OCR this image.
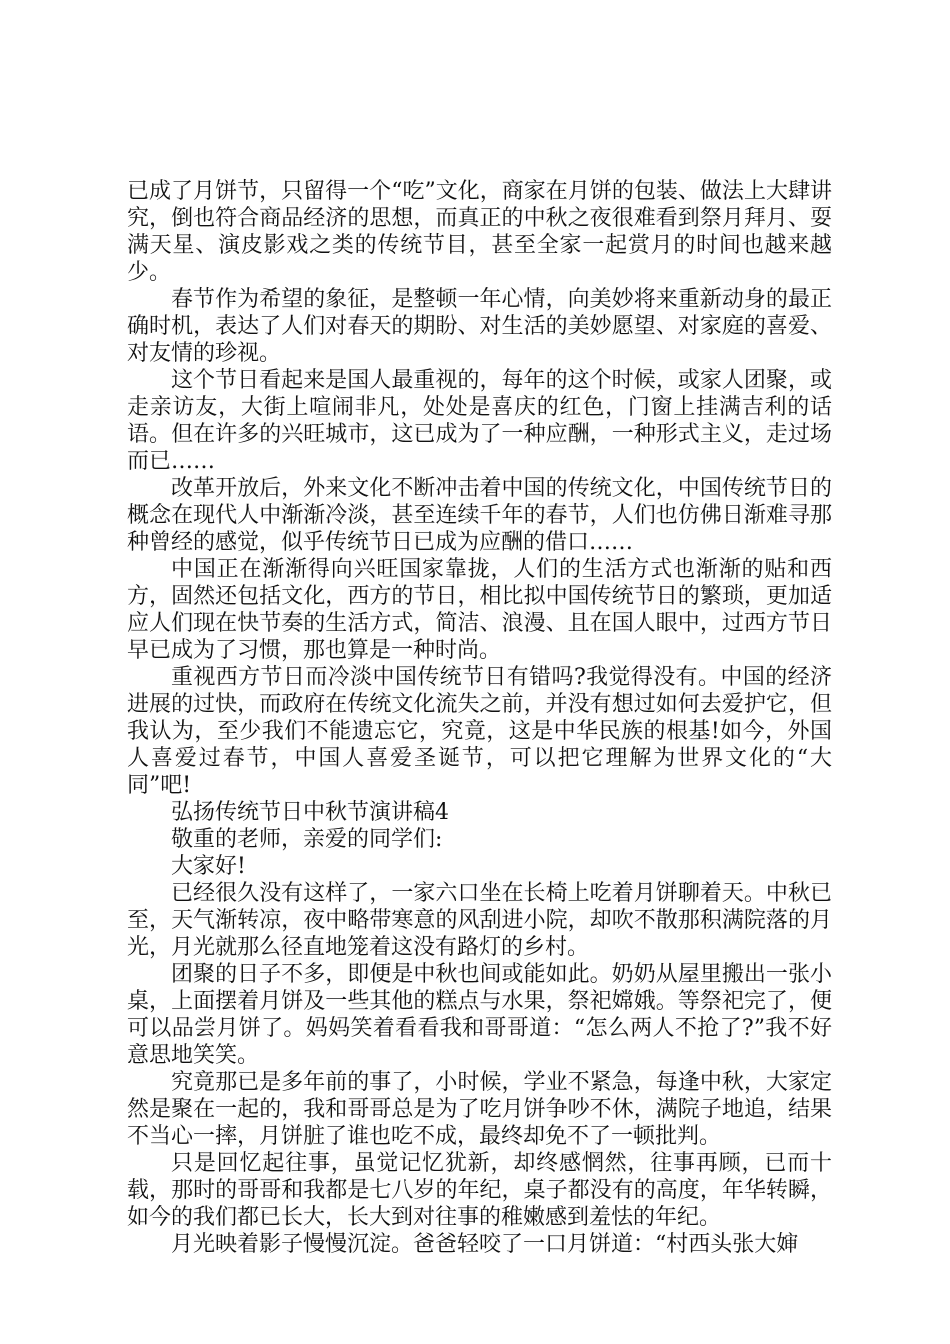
已成了月饼节，只留得一个“吃”文化，商家在月饼的包装、做法上大肆讲究，倒也符合商品经济的思想，而真正的中秋之夜很难看到祭月拜月、耍满天星、演皮影戏之类的传统节目，甚至全家一起赏月的时间也越来越少。

春节作为希望的象征，是整顿一年心情，向美妙将来重新动身的最正确时机，表达了人们对春天的期盼、对生活的美妙愿望、对家庭的喜爱、对友情的珍视。

这个节日看起来是国人最重视的，每年的这个时候，或家人团聚，或走亲访友，大街上喧闹非凡，处处是喜庆的红色，门窗上挂满吉利的话语。但在许多的兴旺城市，这已成为了一种应酬，一种形式主义，走过场而已……

改革开放后，外来文化不断冲击着中国的传统文化，中国传统节日的概念在现代人中渐渐冷淡，甚至连续千年的春节，人们也仿佛日渐难寻那种曾经的感觉，似乎传统节日已成为应酬的借口……

中国正在渐渐得向兴旺国家靠拢，人们的生活方式也渐渐的贴和西方，固然还包括文化，西方的节日，相比拟中国传统节日的繁琐，更加适应人们现在快节奏的生活方式，简洁、浪漫、且在国人眼中，过西方节日早已成为了习惯，那也算是一种时尚。

重视西方节日而冷淡中国传统节日有错吗?我觉得没有。中国的经济进展的过快，而政府在传统文化流失之前，并没有想过如何去爱护它，但我认为，至少我们不能遗忘它，究竟，这是中华民族的根基!如今，外国人喜爱过春节，中国人喜爱圣诞节，可以把它理解为世界文化的“大同”吧!

弘扬传统节日中秋节演讲稿4

敬重的老师，亲爱的同学们:

大家好!

已经很久没有这样了，一家六口坐在长椅上吃着月饼聊着天。中秋已至，天气渐转凉，夜中略带寒意的风刮进小院，却吹不散那积满院落的月光，月光就那么径直地笼着这没有路灯的乡村。

团聚的日子不多，即便是中秋也间或能如此。奶奶从屋里搬出一张小桌，上面摆着月饼及一些其他的糕点与水果，祭祀嫦娥。等祭祀完了，便可以品尝月饼了。妈妈笑着看看我和哥哥道：“怎么两人不抢了?”我不好意思地笑笑。

究竟那已是多年前的事了，小时候，学业不紧急，每逢中秋，大家定然是聚在一起的，我和哥哥总是为了吃月饼争吵不休，满院子地追，结果不当心一摔，月饼脏了谁也吃不成，最终却免不了一顿批判。

只是回忆起往事，虽觉记忆犹新，却终感惘然，往事再顾，已而十载，那时的哥哥和我都是七八岁的年纪，桌子都没有的高度，年华转瞬，如今的我们都已长大，长大到对往事的稚嫩感到羞怯的年纪。

月光映着影子慢慢沉淀。爸爸轻咬了一口月饼道：“村西头张大婶
